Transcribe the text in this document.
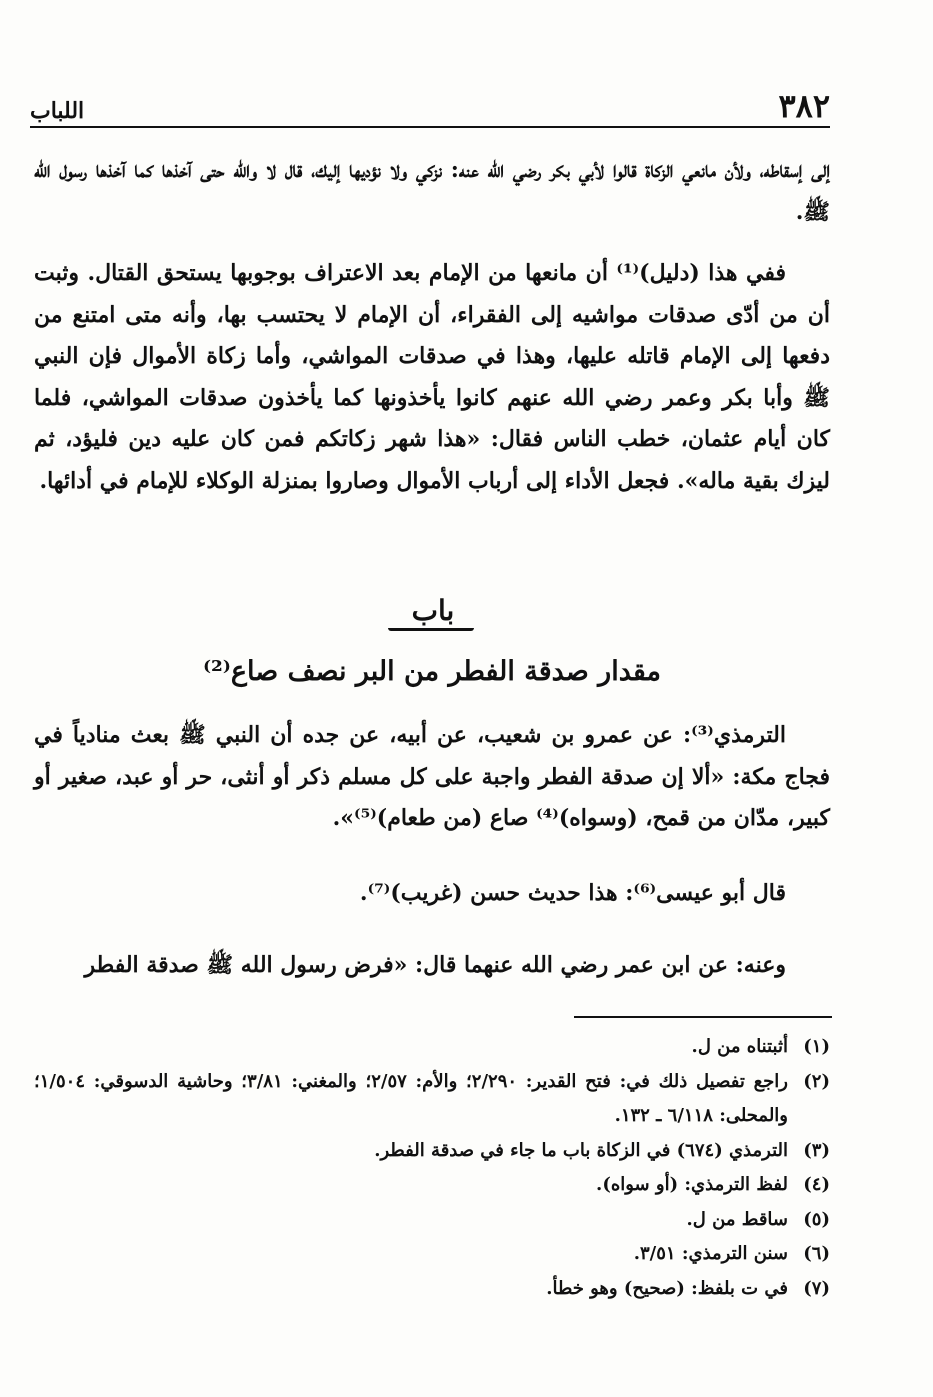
٣٨٢
اللباب

إلى إسقاطه، ولأن مانعي الزكاة قالوا لأبي بكر رضي الله عنه: نزكي ولا نؤديها إليك، قال لا والله حتى آخذها كما آخذها رسول الله ﷺ.

ففي هذا (دليل)⁽¹⁾ أن مانعها من الإمام بعد الاعتراف بوجوبها يستحق القتال. وثبت أن من أدّى صدقات مواشيه إلى الفقراء، أن الإمام لا يحتسب بها، وأنه متى امتنع من دفعها إلى الإمام قاتله عليها، وهذا في صدقات المواشي، وأما زكاة الأموال فإن النبي ﷺ وأبا بكر وعمر رضي الله عنهم كانوا يأخذونها كما يأخذون صدقات المواشي، فلما كان أيام عثمان، خطب الناس فقال: «هذا شهر زكاتكم فمن كان عليه دين فليؤد، ثم ليزك بقية ماله». فجعل الأداء إلى أرباب الأموال وصاروا بمنزلة الوكلاء للإمام في أدائها.

باب
مقدار صدقة الفطر من البر نصف صاع⁽²⁾

الترمذي⁽³⁾: عن عمرو بن شعيب، عن أبيه، عن جده أن النبي ﷺ بعث منادياً في فجاج مكة: «ألا إن صدقة الفطر واجبة على كل مسلم ذكر أو أنثى، حر أو عبد، صغير أو كبير، مدّان من قمح، (وسواه)⁽⁴⁾ صاع (من طعام)⁽⁵⁾».

قال أبو عيسى⁽⁶⁾: هذا حديث حسن (غريب)⁽⁷⁾.

وعنه: عن ابن عمر رضي الله عنهما قال: «فرض رسول الله ﷺ صدقة الفطر

(١)
أثبتناه من ل.
(٢)
راجع تفصيل ذلك في: فتح القدير: ٢/٢٩٠؛ والأم: ٢/٥٧؛ والمغني: ٣/٨١؛ وحاشية الدسوقي: ١/٥٠٤؛ والمحلى: ٦/١١٨ ـ ١٣٢.
(٣)
الترمذي (٦٧٤) في الزكاة باب ما جاء في صدقة الفطر.
(٤)
لفظ الترمذي: (أو سواه).
(٥)
ساقط من ل.
(٦)
سنن الترمذي: ٣/٥١.
(٧)
في ت بلفظ: (صحيح) وهو خطأ.
